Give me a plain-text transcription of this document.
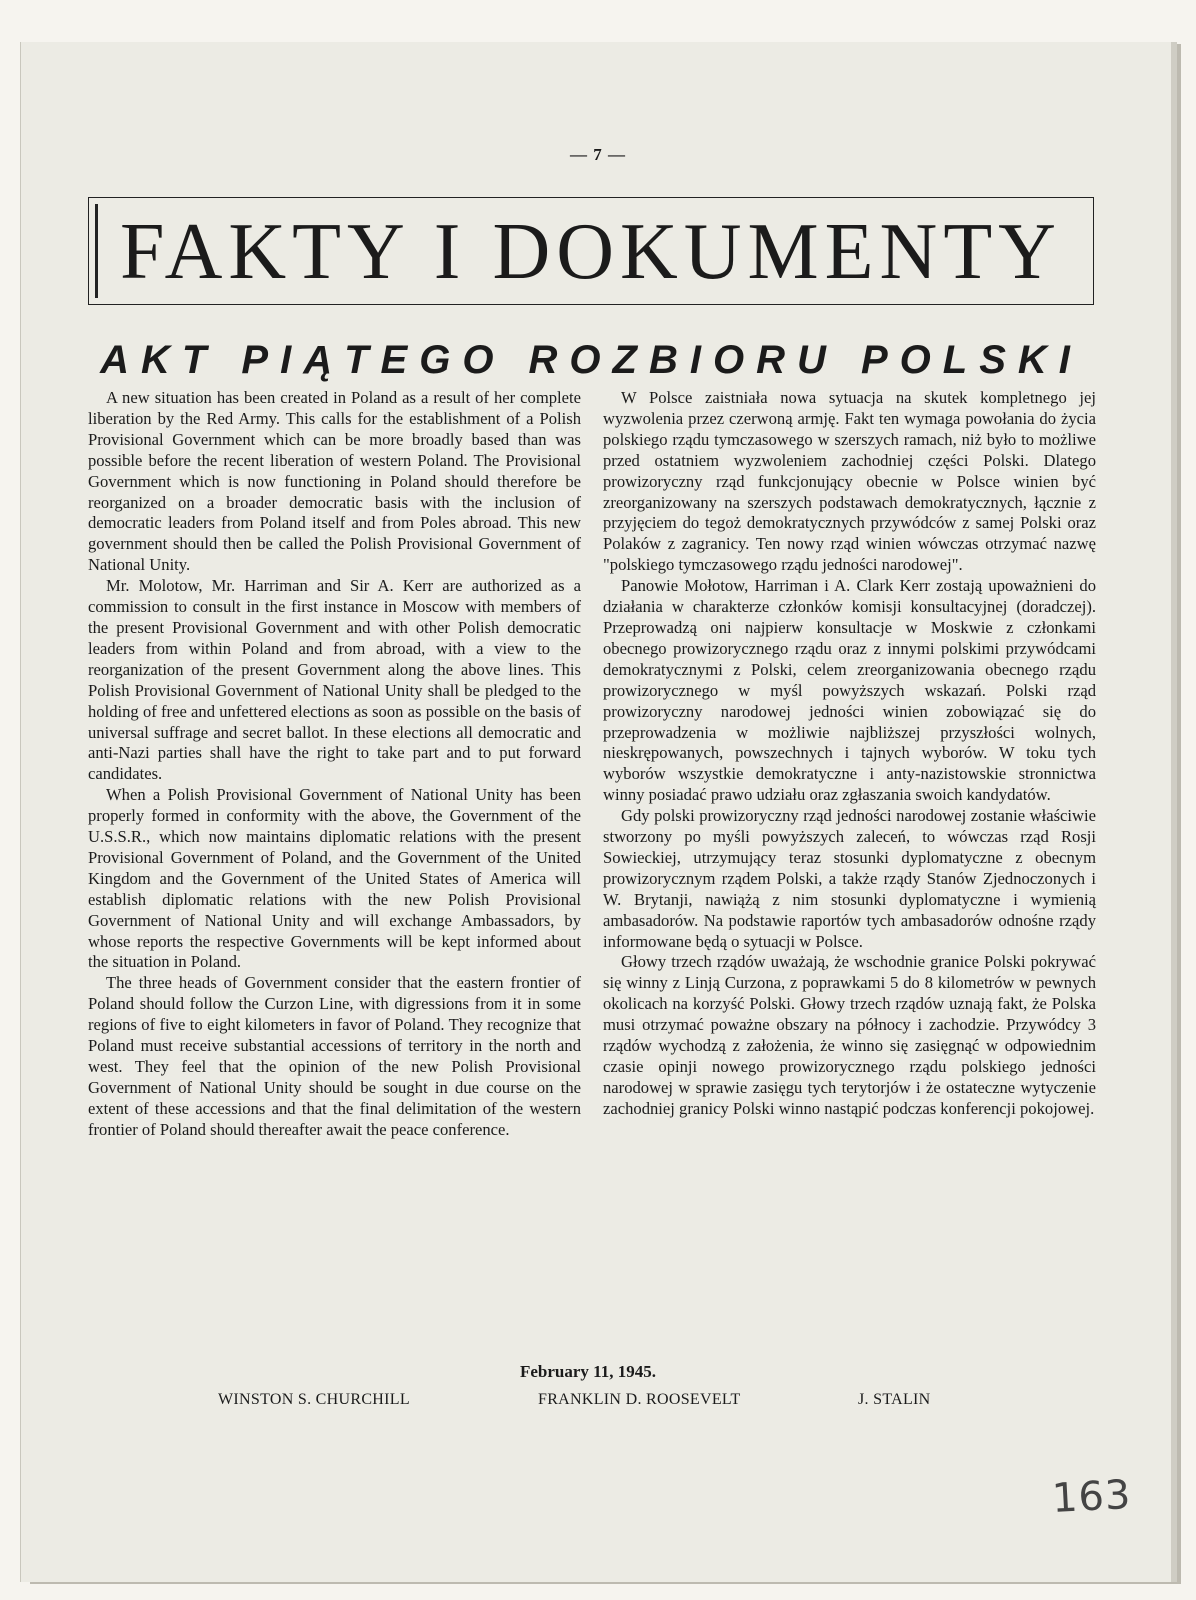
— 7 —
FAKTY I DOKUMENTY
AKT PIĄTEGO ROZBIORU POLSKI

A new situation has been created in Poland as a result of her complete liberation by the Red Army. This calls for the establishment of a Polish Provisional Government which can be more broadly based than was possible before the recent liberation of western Poland. The Provisional Government which is now functioning in Poland should therefore be reorganized on a broader democratic basis with the inclusion of democratic leaders from Poland itself and from Poles abroad. This new government should then be called the Polish Provisional Government of National Unity.

Mr. Molotow, Mr. Harriman and Sir A. Kerr are authorized as a commission to consult in the first instance in Moscow with members of the present Provisional Government and with other Polish democratic leaders from within Poland and from abroad, with a view to the reorganization of the present Government along the above lines. This Polish Provisional Government of National Unity shall be pledged to the holding of free and unfettered elections as soon as possible on the basis of universal suffrage and secret ballot. In these elections all democratic and anti-Nazi parties shall have the right to take part and to put forward candidates.

When a Polish Provisional Government of National Unity has been properly formed in conformity with the above, the Government of the U.S.S.R., which now maintains diplomatic relations with the present Provisional Government of Poland, and the Government of the United Kingdom and the Government of the United States of America will establish diplomatic relations with the new Polish Provisional Government of National Unity and will exchange Ambassadors, by whose reports the respective Governments will be kept informed about the situation in Poland.

The three heads of Government consider that the eastern frontier of Poland should follow the Curzon Line, with digressions from it in some regions of five to eight kilometers in favor of Poland. They recognize that Poland must receive substantial accessions of territory in the north and west. They feel that the opinion of the new Polish Provisional Government of National Unity should be sought in due course on the extent of these accessions and that the final delimitation of the western frontier of Poland should thereafter await the peace conference.

W Polsce zaistniała nowa sytuacja na skutek kompletnego jej wyzwolenia przez czerwoną armję. Fakt ten wymaga powołania do życia polskiego rządu tymczasowego w szerszych ramach, niż było to możliwe przed ostatniem wyzwoleniem zachodniej części Polski. Dlatego prowizoryczny rząd funkcjonujący obecnie w Polsce winien być zreorganizowany na szerszych podstawach demokratycznych, łącznie z przyjęciem do tegoż demokratycznych przywódców z samej Polski oraz Polaków z zagranicy. Ten nowy rząd winien wówczas otrzymać nazwę "polskiego tymczasowego rządu jedności narodowej".

Panowie Mołotow, Harriman i A. Clark Kerr zostają upoważnieni do działania w charakterze członków komisji konsultacyjnej (doradczej). Przeprowadzą oni najpierw konsultacje w Moskwie z członkami obecnego prowizorycznego rządu oraz z innymi polskimi przywódcami demokratycznymi z Polski, celem zreorganizowania obecnego rządu prowizorycznego w myśl powyższych wskazań. Polski rząd prowizoryczny narodowej jedności winien zobowiązać się do przeprowadzenia w możliwie najbliższej przyszłości wolnych, nieskrępowanych, powszechnych i tajnych wyborów. W toku tych wyborów wszystkie demokratyczne i anty-nazistowskie stronnictwa winny posiadać prawo udziału oraz zgłaszania swoich kandydatów.

Gdy polski prowizoryczny rząd jedności narodowej zostanie właściwie stworzony po myśli powyższych zaleceń, to wówczas rząd Rosji Sowieckiej, utrzymujący teraz stosunki dyplomatyczne z obecnym prowizorycznym rządem Polski, a także rządy Stanów Zjednoczonych i W. Brytanji, nawiążą z nim stosunki dyplomatyczne i wymienią ambasadorów. Na podstawie raportów tych ambasadorów odnośne rządy informowane będą o sytuacji w Polsce.

Głowy trzech rządów uważają, że wschodnie granice Polski pokrywać się winny z Linją Curzona, z poprawkami 5 do 8 kilometrów w pewnych okolicach na korzyść Polski. Głowy trzech rządów uznają fakt, że Polska musi otrzymać poważne obszary na północy i zachodzie. Przywódcy 3 rządów wychodzą z założenia, że winno się zasięgnąć w odpowiednim czasie opinji nowego prowizorycznego rządu polskiego jedności narodowej w sprawie zasięgu tych terytorjów i że ostateczne wytyczenie zachodniej granicy Polski winno nastąpić podczas konferencji pokojowej.

February 11, 1945.
WINSTON S. CHURCHILL	FRANKLIN D. ROOSEVELT	J. STALIN
163
